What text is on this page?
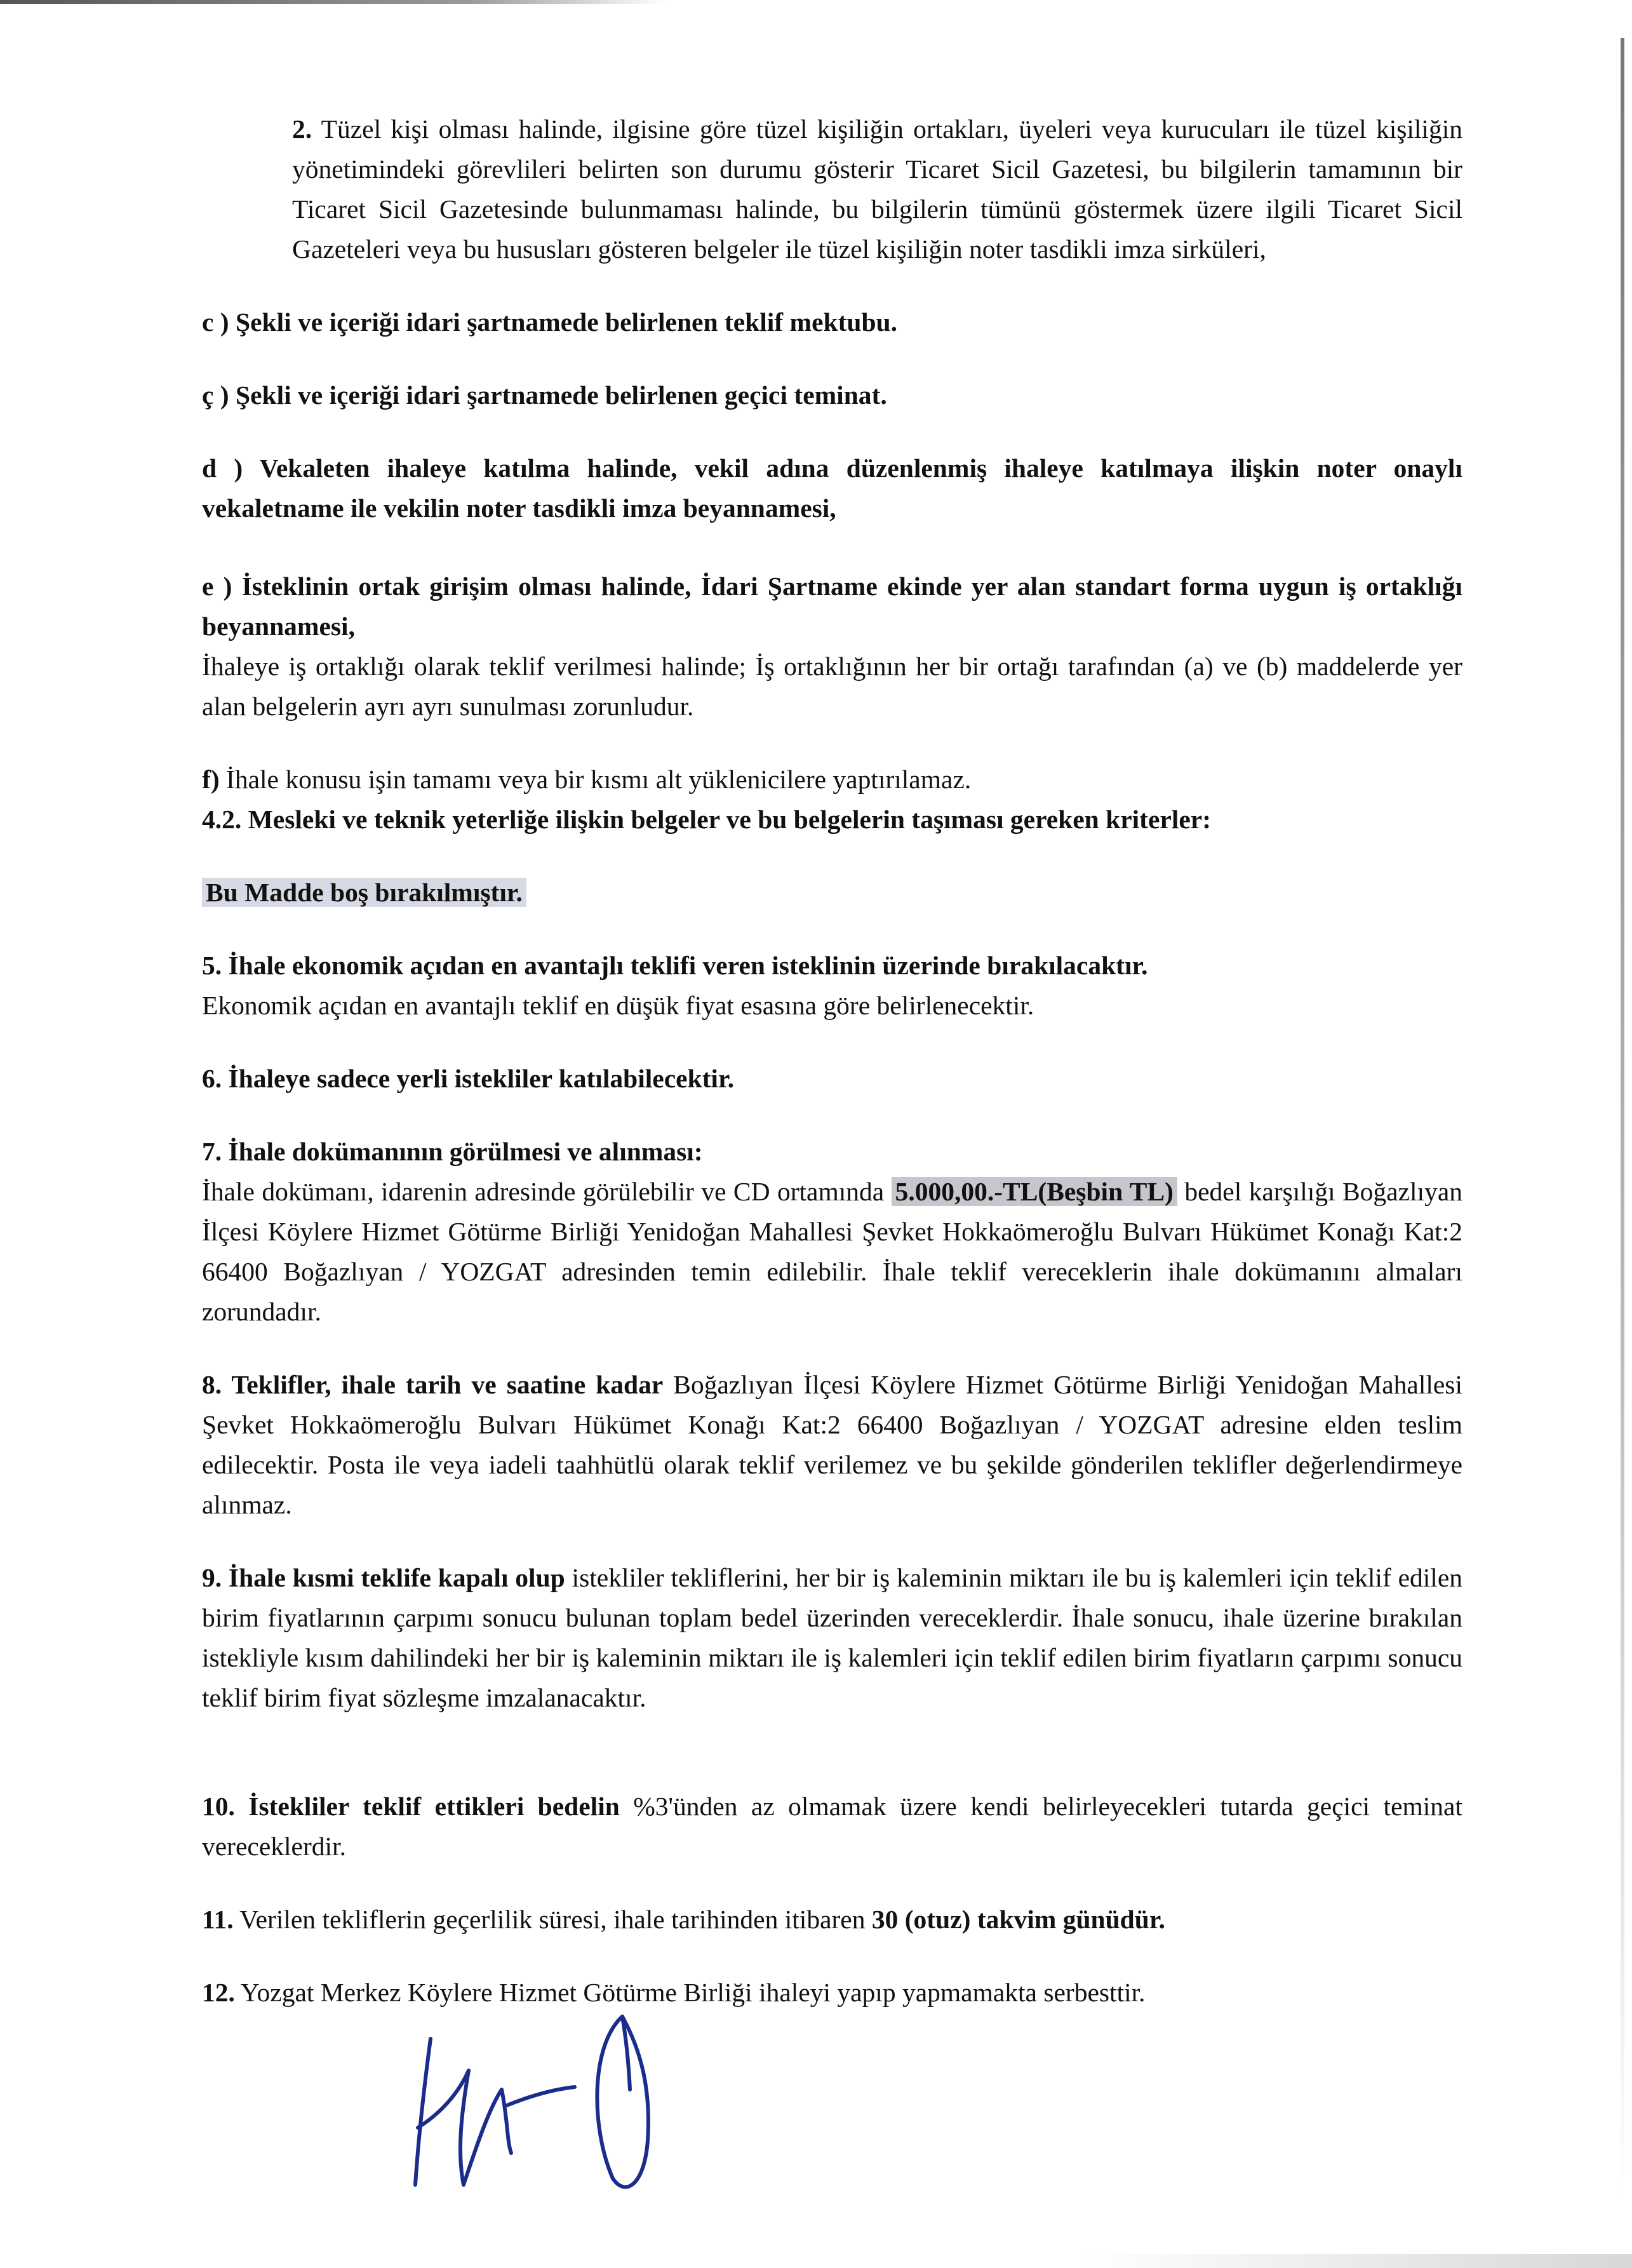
2. Tüzel kişi olması halinde, ilgisine göre tüzel kişiliğin ortakları, üyeleri veya kurucuları ile tüzel kişiliğin yönetimindeki görevlileri belirten son durumu gösterir Ticaret Sicil Gazetesi, bu bilgilerin tamamının bir Ticaret Sicil Gazetesinde bulunmaması halinde, bu bilgilerin tümünü göstermek üzere ilgili Ticaret Sicil Gazeteleri veya bu hususları gösteren belgeler ile tüzel kişiliğin noter tasdikli imza sirküleri,

c ) Şekli ve içeriği idari şartnamede belirlenen teklif mektubu.

ç ) Şekli ve içeriği idari şartnamede belirlenen geçici teminat.

d ) Vekaleten ihaleye katılma halinde, vekil adına düzenlenmiş ihaleye katılmaya ilişkin noter onaylı vekaletname ile vekilin noter tasdikli imza beyannamesi,

e ) İsteklinin ortak girişim olması halinde, İdari Şartname ekinde yer alan standart forma uygun iş ortaklığı beyannamesi,

İhaleye iş ortaklığı olarak teklif verilmesi halinde; İş ortaklığının her bir ortağı tarafından (a) ve (b) maddelerde yer alan belgelerin ayrı ayrı sunulması zorunludur.

f) İhale konusu işin tamamı veya bir kısmı alt yüklenicilere yaptırılamaz.

4.2. Mesleki ve teknik yeterliğe ilişkin belgeler ve bu belgelerin taşıması gereken kriterler:

Bu Madde boş bırakılmıştır.

5. İhale ekonomik açıdan en avantajlı teklifi veren isteklinin üzerinde bırakılacaktır.

Ekonomik açıdan en avantajlı teklif en düşük fiyat esasına göre belirlenecektir.

6. İhaleye sadece yerli istekliler katılabilecektir.

7. İhale dokümanının görülmesi ve alınması:

İhale dokümanı, idarenin adresinde görülebilir ve CD ortamında 5.000,00.-TL(Beşbin TL) bedel karşılığı Boğazlıyan İlçesi Köylere Hizmet Götürme Birliği Yenidoğan Mahallesi Şevket Hokkaömeroğlu Bulvarı Hükümet Konağı Kat:2 66400 Boğazlıyan / YOZGAT adresinden temin edilebilir. İhale teklif vereceklerin ihale dokümanını almaları zorundadır.

8. Teklifler, ihale tarih ve saatine kadar Boğazlıyan İlçesi Köylere Hizmet Götürme Birliği Yenidoğan Mahallesi Şevket Hokkaömeroğlu Bulvarı Hükümet Konağı Kat:2 66400 Boğazlıyan / YOZGAT adresine elden teslim edilecektir. Posta ile veya iadeli taahhütlü olarak teklif verilemez ve bu şekilde gönderilen teklifler değerlendirmeye alınmaz.

9. İhale kısmi teklife kapalı olup istekliler tekliflerini, her bir iş kaleminin miktarı ile bu iş kalemleri için teklif edilen birim fiyatlarının çarpımı sonucu bulunan toplam bedel üzerinden vereceklerdir. İhale sonucu, ihale üzerine bırakılan istekliyle kısım dahilindeki her bir iş kaleminin miktarı ile iş kalemleri için teklif edilen birim fiyatların çarpımı sonucu teklif birim fiyat sözleşme imzalanacaktır.

10. İstekliler teklif ettikleri bedelin %3'ünden az olmamak üzere kendi belirleyecekleri tutarda geçici teminat vereceklerdir.

11. Verilen tekliflerin geçerlilik süresi, ihale tarihinden itibaren 30 (otuz) takvim günüdür.

12. Yozgat Merkez Köylere Hizmet Götürme Birliği ihaleyi yapıp yapmamakta serbesttir.
